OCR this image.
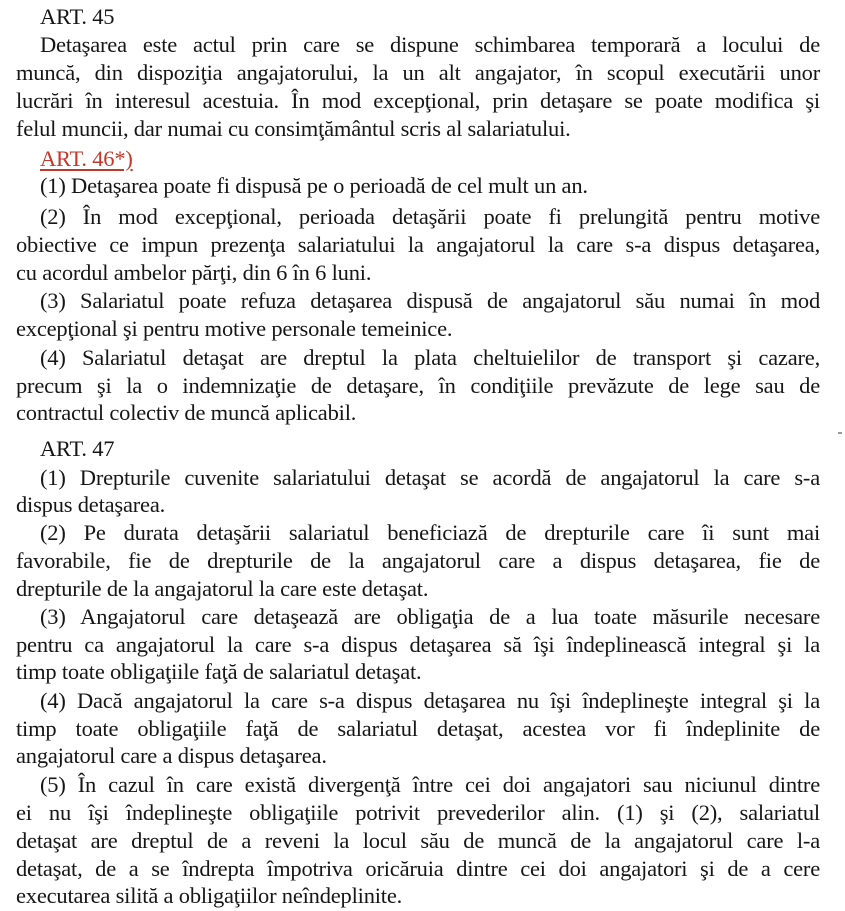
ART. 45
Detaşarea este actul prin care se dispune schimbarea temporară a locului de
muncă, din dispoziţia angajatorului, la un alt angajator, în scopul executării unor
lucrări în interesul acestuia. În mod excepţional, prin detaşare se poate modifica şi
felul muncii, dar numai cu consimţământul scris al salariatului.
ART. 46*)
(1) Detaşarea poate fi dispusă pe o perioadă de cel mult un an.
(2) În mod excepţional, perioada detaşării poate fi prelungită pentru motive
obiective ce impun prezenţa salariatului la angajatorul la care s-a dispus detaşarea,
cu acordul ambelor părţi, din 6 în 6 luni.
(3) Salariatul poate refuza detaşarea dispusă de angajatorul său numai în mod
excepţional şi pentru motive personale temeinice.
(4) Salariatul detaşat are dreptul la plata cheltuielilor de transport şi cazare,
precum şi la o indemnizaţie de detaşare, în condiţiile prevăzute de lege sau de
contractul colectiv de muncă aplicabil.
ART. 47
(1) Drepturile cuvenite salariatului detaşat se acordă de angajatorul la care s-a
dispus detaşarea.
(2) Pe durata detaşării salariatul beneficiază de drepturile care îi sunt mai
favorabile, fie de drepturile de la angajatorul care a dispus detaşarea, fie de
drepturile de la angajatorul la care este detaşat.
(3) Angajatorul care detaşează are obligaţia de a lua toate măsurile necesare
pentru ca angajatorul la care s-a dispus detaşarea să îşi îndeplinească integral şi la
timp toate obligaţiile faţă de salariatul detaşat.
(4) Dacă angajatorul la care s-a dispus detaşarea nu îşi îndeplineşte integral şi la
timp toate obligaţiile faţă de salariatul detaşat, acestea vor fi îndeplinite de
angajatorul care a dispus detaşarea.
(5) În cazul în care există divergenţă între cei doi angajatori sau niciunul dintre
ei nu îşi îndeplineşte obligaţiile potrivit prevederilor alin. (1) şi (2), salariatul
detaşat are dreptul de a reveni la locul său de muncă de la angajatorul care l-a
detaşat, de a se îndrepta împotriva oricăruia dintre cei doi angajatori şi de a cere
executarea silită a obligaţiilor neîndeplinite.
